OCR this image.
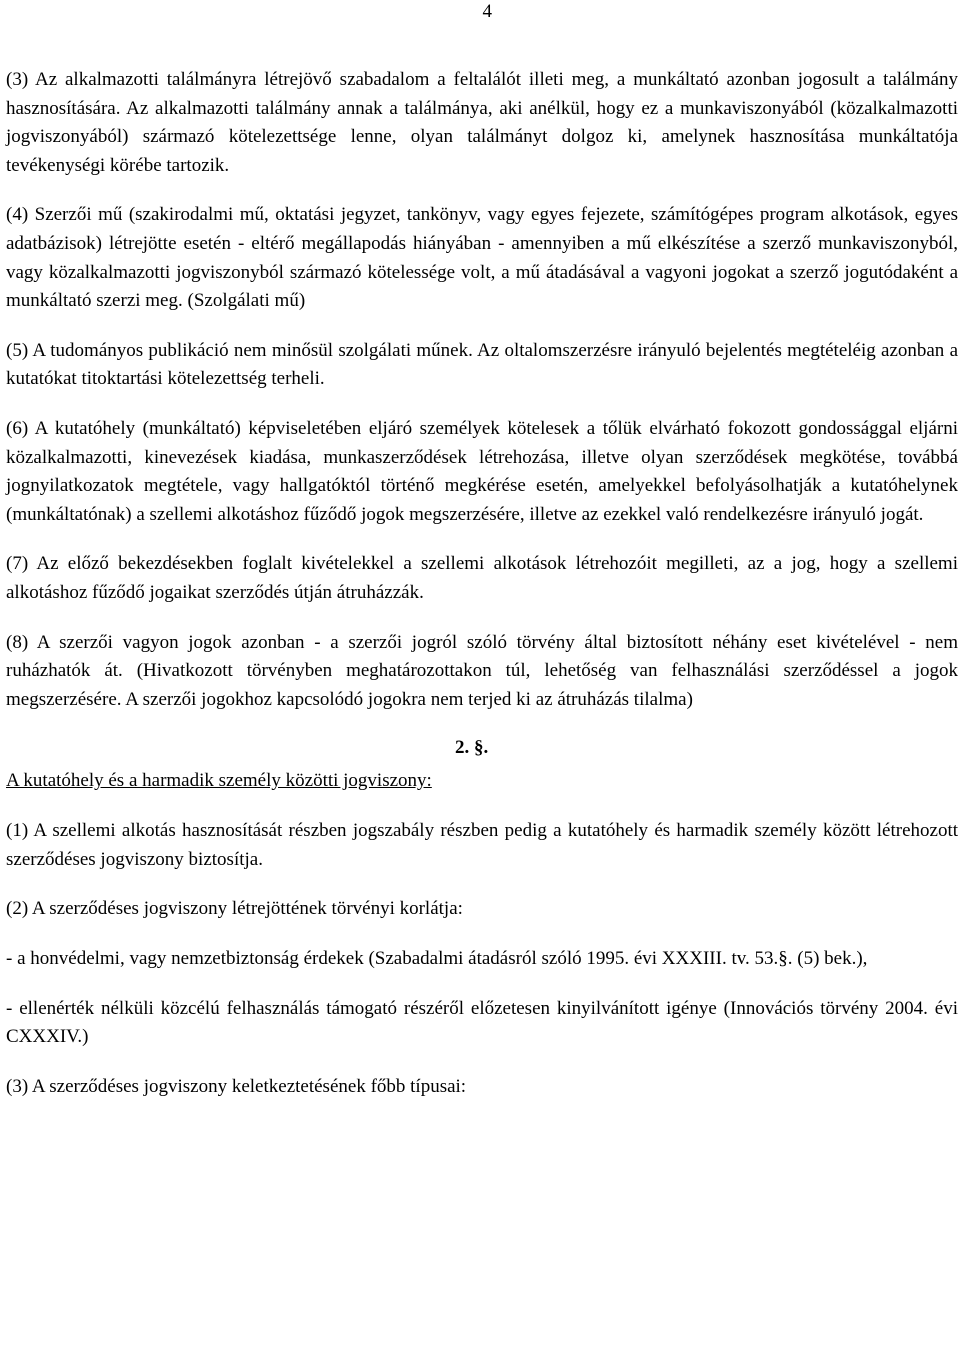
4

(3) Az alkalmazotti találmányra létrejövő szabadalom a feltalálót illeti meg, a munkáltató azonban jogosult a találmány hasznosítására. Az alkalmazotti találmány annak a találmánya, aki anélkül, hogy ez a munkaviszonyából (közalkalmazotti jogviszonyából) származó kötelezettsége lenne, olyan találmányt dolgoz ki, amelynek hasznosítása munkáltatója tevékenységi körébe tartozik.

(4) Szerzői mű (szakirodalmi mű, oktatási jegyzet, tankönyv, vagy egyes fejezete, számítógépes program alkotások, egyes adatbázisok) létrejötte esetén - eltérő megállapodás hiányában - amennyiben a mű elkészítése a szerző munkaviszonyból, vagy közalkalmazotti jogviszonyból származó kötelessége volt, a mű átadásával a vagyoni jogokat a szerző jogutódaként a munkáltató szerzi meg. (Szolgálati mű)

(5) A tudományos publikáció nem minősül szolgálati műnek. Az oltalomszerzésre irányuló bejelentés megtételéig azonban a kutatókat titoktartási kötelezettség terheli.

(6) A kutatóhely (munkáltató) képviseletében eljáró személyek kötelesek a tőlük elvárható fokozott gondossággal eljárni közalkalmazotti, kinevezések kiadása, munkaszerződések létrehozása, illetve olyan szerződések megkötése, továbbá jognyilatkozatok megtétele, vagy hallgatóktól történő megkérése esetén, amelyekkel befolyásolhatják a kutatóhelynek (munkáltatónak) a szellemi alkotáshoz fűződő jogok megszerzésére, illetve az ezekkel való rendelkezésre irányuló jogát.

(7) Az előző bekezdésekben foglalt kivételekkel a szellemi alkotások létrehozóit megilleti, az a jog, hogy a szellemi alkotáshoz fűződő jogaikat szerződés útján átruházzák.

(8) A szerzői vagyon jogok azonban - a szerzői jogról szóló törvény által biztosított néhány eset kivételével - nem ruházhatók át. (Hivatkozott törvényben meghatározottakon túl, lehetőség van felhasználási szerződéssel a jogok megszerzésére. A szerzői jogokhoz kapcsolódó jogokra nem terjed ki az átruházás tilalma)

2. §.
A kutatóhely és a harmadik személy közötti jogviszony:

(1) A szellemi alkotás hasznosítását részben jogszabály részben pedig a kutatóhely és harmadik személy között létrehozott szerződéses jogviszony biztosítja.

(2) A szerződéses jogviszony létrejöttének törvényi korlátja:

- a honvédelmi, vagy nemzetbiztonság érdekek (Szabadalmi átadásról szóló 1995. évi XXXIII. tv. 53.§. (5) bek.),

- ellenérték nélküli közcélú felhasználás támogató részéről előzetesen kinyilvánított igénye (Innovációs törvény 2004. évi CXXXIV.)

(3) A szerződéses jogviszony keletkeztetésének főbb típusai:
